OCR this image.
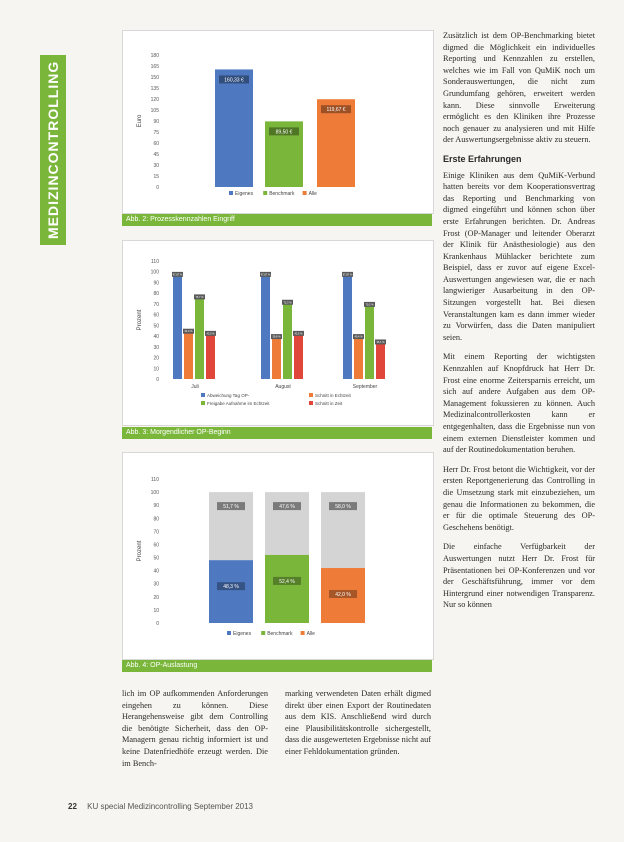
MEDIZINCONTROLLING
180
165
150
135
120
105
90
75
60
45
30
15
0
Euro
160,33 €
89,50 €
119,67 €
Eigenes	Benchmark	Alle
Abb. 2: Prozesskennzahlen Eingriff
110
100
90
80
70
60
50
40
30
20
10
0
Prozent
97,87 %
44,9 %
76,7 %
43,0 %
Juli
97,87 %
39,8 %
72,3 %
42,6 %
August
97,87 %
40,4 %
70,2 %
35,1 %
September
Abweichung Tag OP-	Schnitt in Echtzeit
Freigabe Aufnahme im Echtzeit	Schnitt in Zeit
Abb. 3: Morgendlicher OP-Beginn
110
100
90
80
70
60
50
40
30
20
10
0
Prozent
51,7 %
48,3 %
47,6 %
52,4 %
58,0 %
42,0 %
Eigenes	Benchmark	Alle
Abb. 4: OP-Auslastung

Zusätzlich ist dem OP-Benchmarking bietet digmed die Möglichkeit ein individuelles Reporting und Kennzahlen zu erstellen, welches wie im Fall von QuMiK noch um Sonderauswertungen, die nicht zum Grundumfang gehören, erweitert werden kann. Diese sinnvolle Erweiterung ermöglicht es den Kliniken ihre Prozesse noch genauer zu analysieren und mit Hilfe der Auswertungsergebnisse aktiv zu steuern.

Erste Erfahrungen

Einige Kliniken aus dem QuMiK-Verbund hatten bereits vor dem Kooperationsvertrag das Reporting und Benchmarking von digmed eingeführt und können schon über erste Erfahrungen berichten. Dr. Andreas Frost (OP-Manager und leitender Oberarzt der Klinik für Anästhesiologie) aus den Krankenhaus Mühlacker berichtete zum Beispiel, dass er zuvor auf eigene Excel-Auswertungen angewiesen war, die er nach langwieriger Ausarbeitung in den OP-Sitzungen vorgestellt hat. Bei diesen Veranstaltungen kam es dann immer wieder zu Vorwürfen, dass die Daten manipuliert seien.

Mit einem Reporting der wichtigsten Kennzahlen auf Knopfdruck hat Herr Dr. Frost eine enorme Zeitersparnis erreicht, um sich auf andere Aufgaben aus dem OP-Management fokussieren zu können. Auch Medizinalcontrollerkosten kann er entgegenhalten, dass die Ergebnisse nun von einem externen Dienstleister kommen und auf der Routinedokumentation beruhen.

Herr Dr. Frost betont die Wichtigkeit, vor der ersten Reportgenerierung das Controlling in die Umsetzung stark mit einzubeziehen, um genau die Informationen zu bekommen, die er für die optimale Steuerung des OP-Geschehens benötigt.

Die einfache Verfügbarkeit der Auswertungen nutzt Herr Dr. Frost für Präsentationen bei OP-Konferenzen und vor der Geschäftsführung, immer vor dem Hintergrund einer notwendigen Transparenz. Nur so können

lich im OP aufkommenden Anforderungen eingehen zu können. Diese Herangehensweise gibt dem Controlling die benötigte Sicherheit, dass den OP-Managern genau richtig informiert ist und keine Datenfriedhöfe erzeugt werden. Die im Bench-
marking verwendeten Daten erhält digmed direkt über einen Export der Routinedaten aus dem KIS. Anschließend wird durch eine Plausibilitätskontrolle sichergestellt, dass die ausgewerteten Ergebnisse nicht auf einer Fehldokumentation gründen.
22 KU special Medizincontrolling September 2013
